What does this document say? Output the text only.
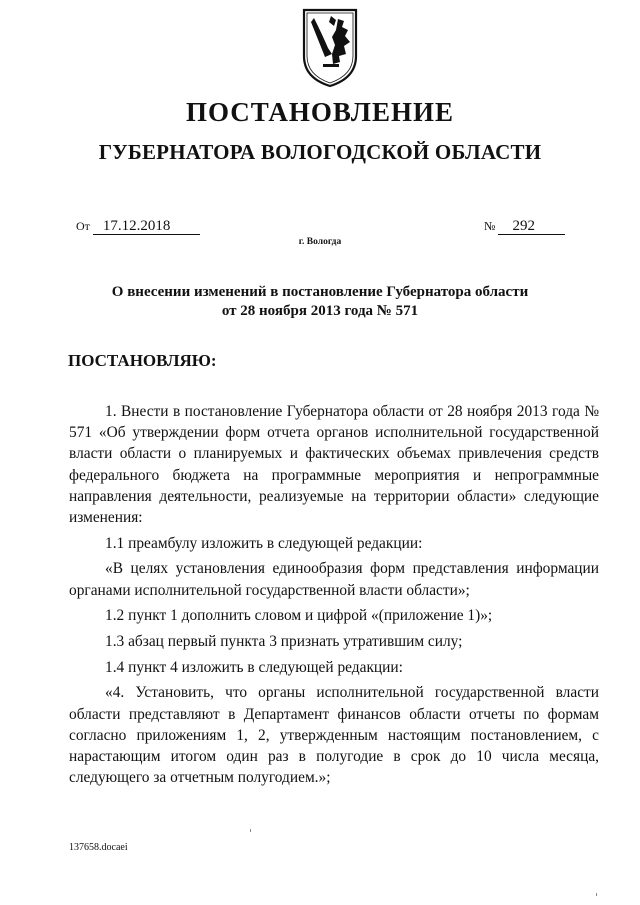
ПОСТАНОВЛЕНИЕ
ГУБЕРНАТОРА ВОЛОГОДСКОЙ ОБЛАСТИ
От 17.12.2018	№ 292
г. Вологда
О внесении изменений в постановление Губернатора области
от 28 ноября 2013 года № 571

ПОСТАНОВЛЯЮ:

1. Внести в постановление Губернатора области от 28 ноября 2013 года № 571 «Об утверждении форм отчета органов исполнительной государственной власти области о планируемых и фактических объемах привлечения средств федерального бюджета на программные мероприятия и непрограммные направления деятельности, реализуемые на территории области» следующие изменения:

1.1 преамбулу изложить в следующей редакции:

«В целях установления единообразия форм представления информации органами исполнительной государственной власти области»;

1.2 пункт 1 дополнить словом и цифрой «(приложение 1)»;

1.3 абзац первый пункта 3 признать утратившим силу;

1.4 пункт 4 изложить в следующей редакции:

«4. Установить, что органы исполнительной государственной власти области представляют в Департамент финансов области отчеты по формам согласно приложениям 1, 2, утвержденным настоящим постановлением, с нарастающим итогом один раз в полугодие в срок до 10 числа месяца, следующего за отчетным полугодием.»;

137658.docaei
